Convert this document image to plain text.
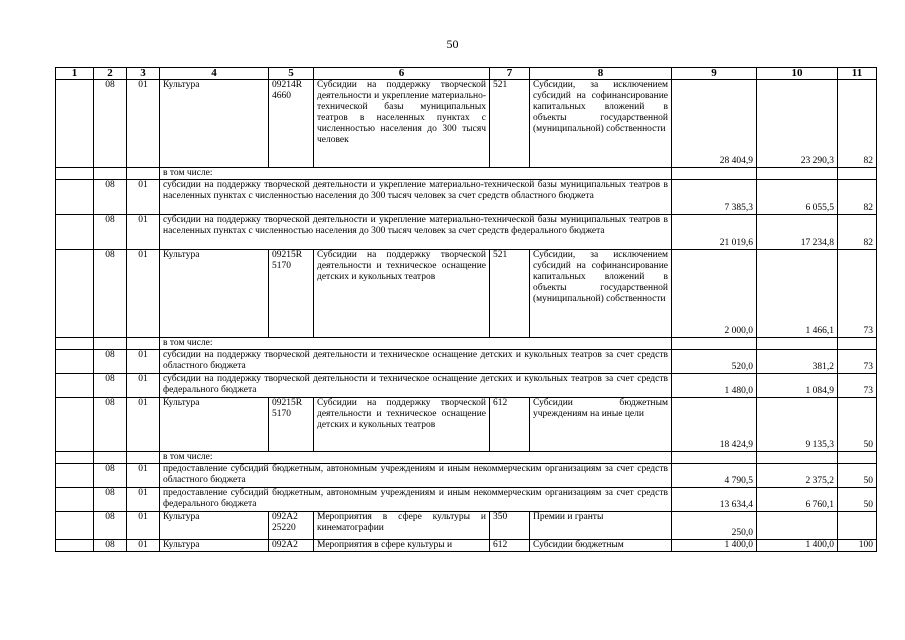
50
1	2	3	4	5	6	7	8	9	10	11
	08	01	Культура	09214R 4660	Субсидии на поддержку творческой деятельности и укрепление материально-технической базы муниципальных театров в населенных пунктах с численностью населения до 300 тысяч человек	521	Субсидии, за исключением субсидий на софинансирование капитальных вложений в объекты государственной (муниципальной) собственности	28 404,9	23 290,3	82
			в том числе:							
	08	01	субсидии на поддержку творческой деятельности и укрепление материально-технической базы муниципальных театров в населенных пунктах с численностью населения до 300 тысяч человек за счет средств областного бюджета					7 385,3	6 055,5	82
	08	01	субсидии на поддержку творческой деятельности и укрепление материально-технической базы муниципальных театров в населенных пунктах с численностью населения до 300 тысяч человек за счет средств федерального бюджета					21 019,6	17 234,8	82
	08	01	Культура	09215R 5170	Субсидии на поддержку творческой деятельности и техническое оснащение детских и кукольных театров	521	Субсидии, за исключением субсидий на софинансирование капитальных вложений в объекты государственной (муниципальной) собственности	2 000,0	1 466,1	73
			в том числе:							
	08	01	субсидии на поддержку творческой деятельности и техническое оснащение детских и кукольных театров за счет средств областного бюджета					520,0	381,2	73
	08	01	субсидии на поддержку творческой деятельности и техническое оснащение детских и кукольных театров за счет средств федерального бюджета					1 480,0	1 084,9	73
	08	01	Культура	09215R 5170	Субсидии на поддержку творческой деятельности и техническое оснащение детских и кукольных театров	612	Субсидии бюджетным учреждениям на иные цели	18 424,9	9 135,3	50
			в том числе:							
	08	01	предоставление субсидий бюджетным, автономным учреждениям и иным некоммерческим организациям за счет средств областного бюджета					4 790,5	2 375,2	50
	08	01	предоставление субсидий бюджетным, автономным учреждениям и иным некоммерческим организациям за счет средств федерального бюджета					13 634,4	6 760,1	50
	08	01	Культура	092А2 25220	Мероприятия в сфере культуры и кинематографии	350	Премии и гранты	250,0		
	08	01	Культура	092А2	Мероприятия в сфере культуры и	612	Субсидии бюджетным	1 400,0	1 400,0	100
